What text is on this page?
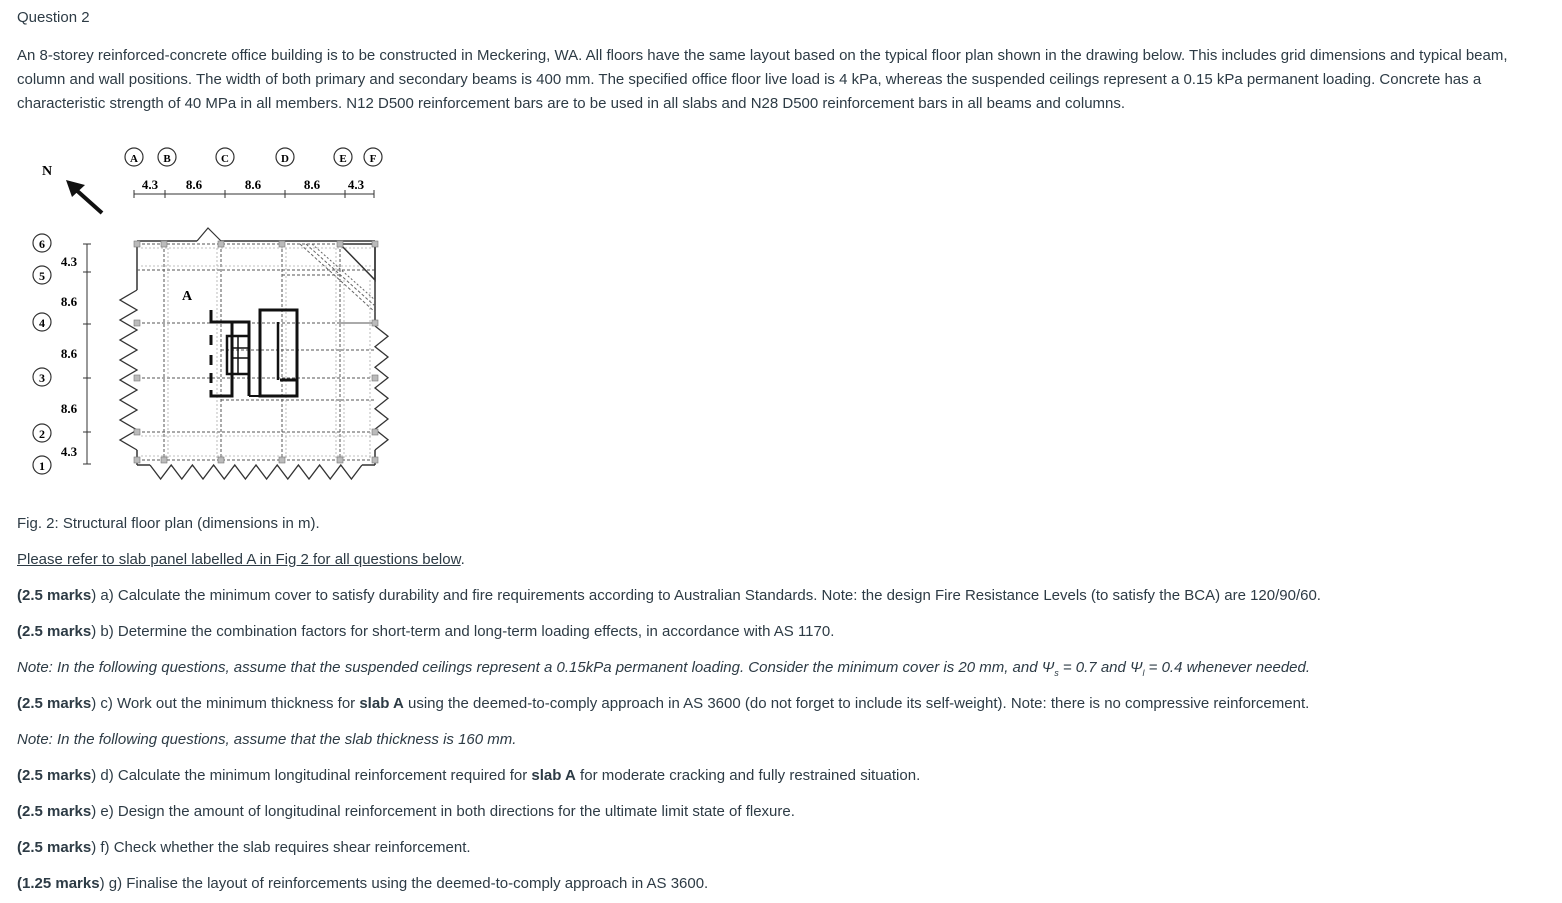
Question 2

An 8-storey reinforced-concrete office building is to be constructed in Meckering, WA. All floors have the same layout based on the typical floor plan shown in the drawing below. This includes grid dimensions and typical beam, column and wall positions. The width of both primary and secondary beams is 400 mm. The specified office floor live load is 4 kPa, whereas the suspended ceilings represent a 0.15 kPa permanent loading. Concrete has a characteristic strength of 40 MPa in all members. N12 D500 reinforcement bars are to be used in all slabs and N28 D500 reinforcement bars in all beams and columns.

N
A B	C	D	E F
4.3 8.6	8.6	8.6 4.3
6
5
4
3
2
1
4.3
8.6
8.6
8.6
4.3
A

Fig. 2: Structural floor plan (dimensions in m).

Please refer to slab panel labelled A in Fig 2 for all questions below.

(2.5 marks) a) Calculate the minimum cover to satisfy durability and fire requirements according to Australian Standards. Note: the design Fire Resistance Levels (to satisfy the BCA) are 120/90/60.

(2.5 marks) b) Determine the combination factors for short-term and long-term loading effects, in accordance with AS 1170.

Note: In the following questions, assume that the suspended ceilings represent a 0.15kPa permanent loading. Consider the minimum cover is 20 mm, and $\Psi_s = 0.7$ and $\Psi_l = 0.4$ whenever needed.

(2.5 marks) c) Work out the minimum thickness for slab A using the deemed-to-comply approach in AS 3600 (do not forget to include its self-weight). Note: there is no compressive reinforcement.

Note: In the following questions, assume that the slab thickness is 160 mm.

(2.5 marks) d) Calculate the minimum longitudinal reinforcement required for slab A for moderate cracking and fully restrained situation.

(2.5 marks) e) Design the amount of longitudinal reinforcement in both directions for the ultimate limit state of flexure.

(2.5 marks) f) Check whether the slab requires shear reinforcement.

(1.25 marks) g) Finalise the layout of reinforcements using the deemed-to-comply approach in AS 3600.
